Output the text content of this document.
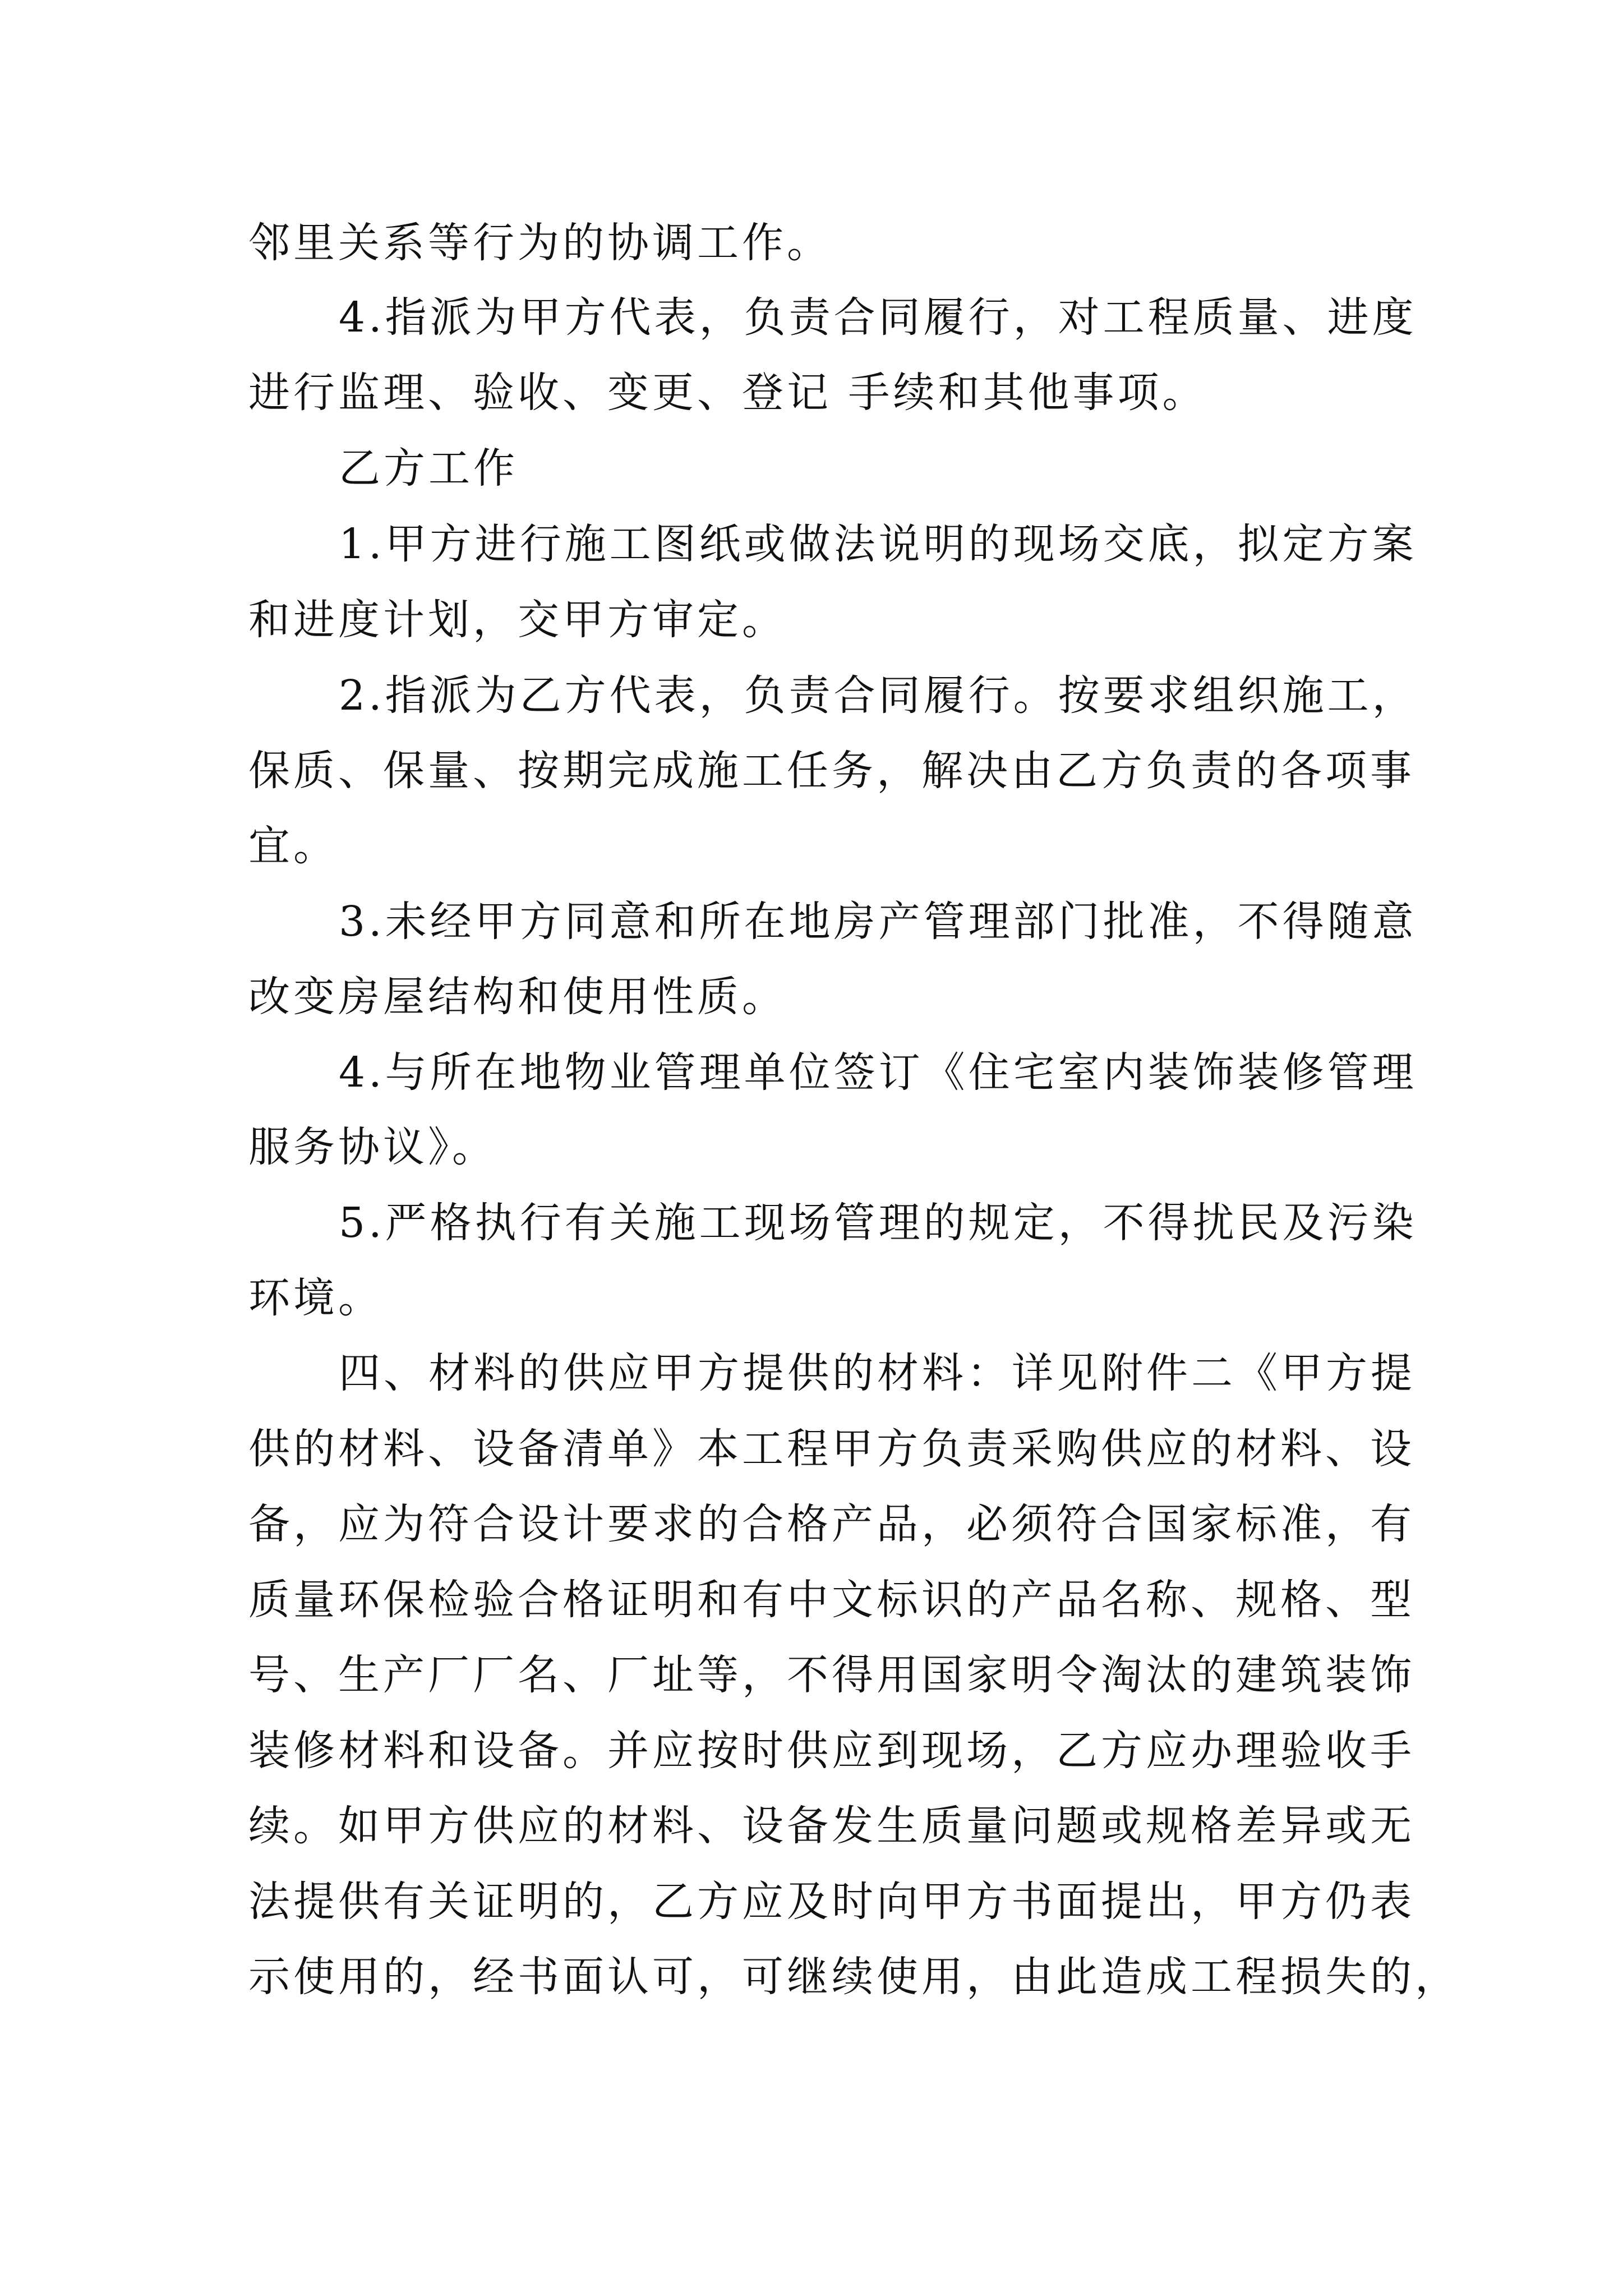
邻里关系等行为的协调工作。

4.指派为甲方代表，负责合同履行，对工程质量、进度

进行监理、验收、变更、登记 手续和其他事项。

乙方工作

1.甲方进行施工图纸或做法说明的现场交底，拟定方案

和进度计划，交甲方审定。

2.指派为乙方代表，负责合同履行。按要求组织施工，

保质、保量、按期完成施工任务，解决由乙方负责的各项事

宜。

3.未经甲方同意和所在地房产管理部门批准，不得随意

改变房屋结构和使用性质。

4.与所在地物业管理单位签订《住宅室内装饰装修管理

服务协议》。

5.严格执行有关施工现场管理的规定，不得扰民及污染

环境。

四、材料的供应甲方提供的材料：详见附件二《甲方提

供的材料、设备清单》本工程甲方负责采购供应的材料、设

备，应为符合设计要求的合格产品，必须符合国家标准，有

质量环保检验合格证明和有中文标识的产品名称、规格、型

号、生产厂厂名、厂址等，不得用国家明令淘汰的建筑装饰

装修材料和设备。并应按时供应到现场，乙方应办理验收手

续。如甲方供应的材料、设备发生质量问题或规格差异或无

法提供有关证明的，乙方应及时向甲方书面提出，甲方仍表

示使用的，经书面认可，可继续使用，由此造成工程损失的，
